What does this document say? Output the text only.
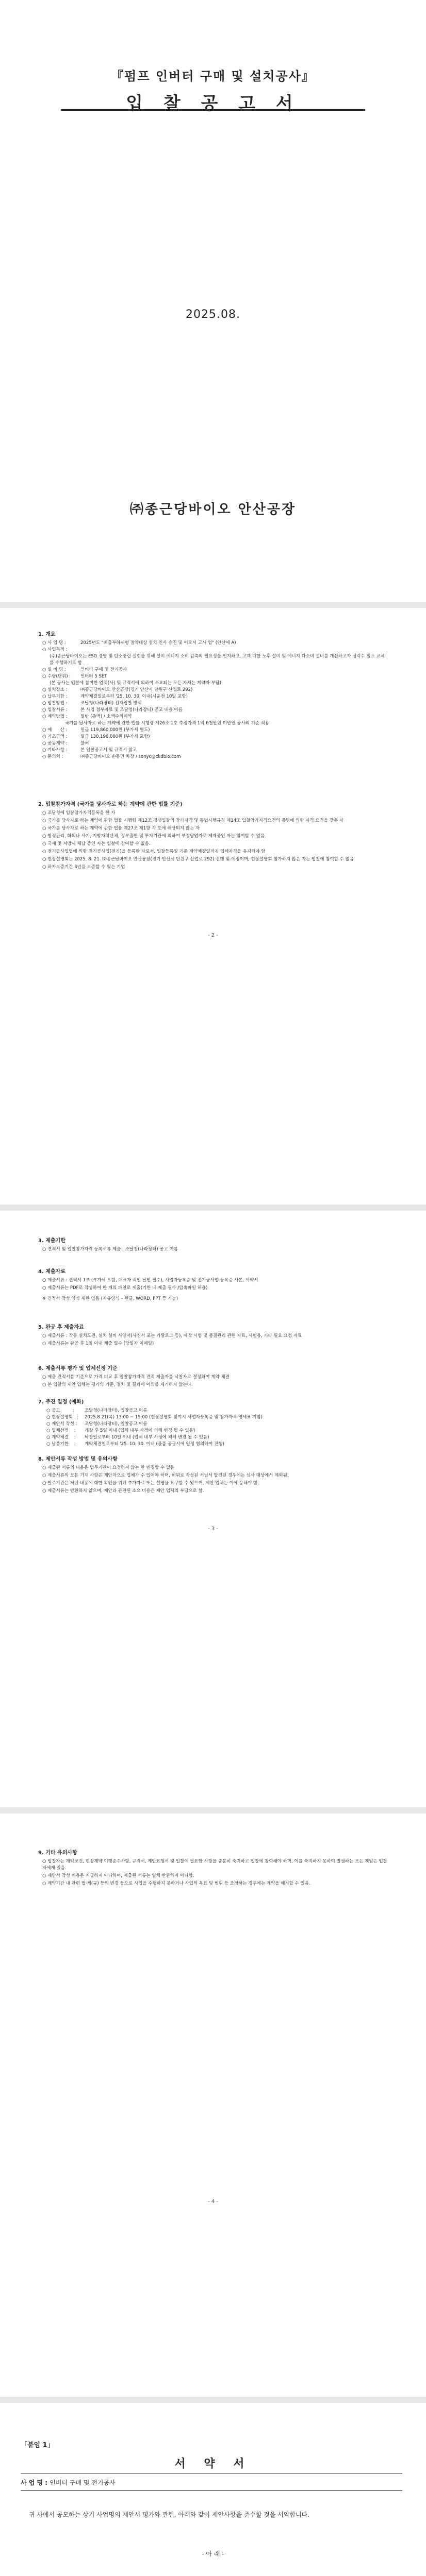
『펌프 인버터 구매 및 설치공사』
입 찰 공 고 서
2025.08.
㈜종근당바이오 안산공장
1. 개요
○ 사 업 명 :	2025년도 "배출부하제형 절약대상 설치 인사 승진 및 이로서 고사 업" (안산에 A)
○ 사업목적 :
(주)종근당바이오는 ESG 경영 및 탄소중립 실현을 위해 설비 에너지 소비 감축의 필요성을 인지하고, 고객 대한 노후 설비 및 에너지 다소비 설비를 개선하고자 냉각수 펌프 교체를 수행하기로 함
○ 설 비 명 :	인버터 구매 및 전기공사
○ 수량(단위) :	인버터 5 SET
(본 공사는 입찰에 참여한 업체(사) 및 규격서에 의하여 소요되는 모든 자재는 계약자 부담)
○ 설치장소 :	㈜종근당바이오 안산공장(경기 안산시 단원구 산업로 292)
○ 납부기한 :	계약체결일로부터 '25. 10. 30. 이내(시운전 10일 포함)
○ 입찰방법 :	조달청(나라장터) 전자입찰 방식
○ 입찰서류 :	본 사업 첨부자료 및 조달청(나라장터) 공고 내용 이름
○ 계약방법 :	일반 (총액) / 소액수의계약
국가를 당사자로 하는 계약에 관한 법률 시행령 제26조 1호 추정가격 1억 6천만원 미만인 공사의 기준 적용
○ 예      산 :	일금 119,860,000원 (부가세 별도)
○ 기초금액 :	일금 130,196,000원 (부가세 포함)
○ 공동계약 :	불허
○ 기타사항 :	본 입찰공고서 및 규격서 참고
○ 문의처 :	㈜종근당바이오 손동민 차장 / sonyc@ckdbio.com
2. 입찰참가자격 (국가를 당사자로 하는 계약에 관한 법률 기준)

○ 조달청에 입찰참가자격등록을 한 자

○ 국가를 당사자로 하는 계약에 관한 법률 시행령 제12조 경쟁입찰의 참가자격 및 동법시행규칙 제14조 입찰참가자격요건의 증명에 의한 자격 요건을 갖춘 자

○ 국가를 당사자로 하는 계약에 관한 법률 제27조 제1항 각 호에 해당되지 않는 자

○ 법정관리, 화의나 사기, 지방자치단체, 정부출연 및 투자기관에 의하여 부정당업자로 제재중인 자는 참여할 수 없음.

○ 국세 및 지방세 체납 중인 자는 입찰에 참여할 수 없음.

○ 전기공사업법에 의한 전기공사업(전기)을 등록한 자로서, 입찰등록일 기준 계약체결일까지 업체자격을 유지해야 함

○ 현장설명회는 2025. 8. 21. ㈜종근당바이오 안산공장(경기 안산시 단원구 산업로 292) 진행 및 예정이며, 현장설명회 참가하지 않은 자는 입찰에 참여할 수 없음

○ 하자보증기간 3년을 보증할 수 있는 기업

- 2 -
3. 제출기한

○ 견적서 및 입찰참가자격 등록서류 제출 : 조달청(나라장터) 공고 이름

4. 제출자료

○ 제출서류 : 견적서 1부 (부가세 포함, 대표자 직인 날인 필수), 사업자등록증 및 전기공사업 등록증 사본, 서약서

○ 제출서류는 PDF로 작성하여 한 개의 파일로 제출(기한 내 제출 필수 /압축파일 허용)

※ 견적서 작성 양식 제한 없음 (자유양식 – 한글, WORD, PPT 등 가능)

5. 완공 후 제출자료

○ 제출서류 : 작동 설치도면, 설치 설비 사양서(사진서 포는 카탈로그 등), 제작 시험 및 품질관리 관련 자료, 시험용, 기타 필요 요청 자료

○ 제출서류는 완공 후 1일 이내 제출 필수 (당일자 이메일)

6. 제출서류 평가 및 업체선정 기준

○ 제출 견적서를 기준으로 가격 비교 후 입찰참가자격 견적 제출자를 낙찰자로 결정하여 계약 체결

○ 본 입찰의 제안 업체는 평가의 기준, 절차 및 결과에 이의를 제기하지 않는다.

7. 주진 일정 (예화)
○ 공고         :	조달청(나라장터), 입찰공고 이름
○ 현장설명회   :	2025.8.21(목) 13:00 ~ 15:00 (현장설명회 참여시 사업자등록증 및 참가자격 명세표 지참)
○ 제안서 작성 :	조달청(나라장터), 입찰공고 이름
○ 업체선정    :	개찰 후 5일 이내 (업체 내부 사정에 의해 변경 될 수 있음)
○ 계약체결    :	낙찰일로부터 10일 이내 (업체 내부 사정에 의해 변경 될 수 있음)
○ 납품기한    :	계약체결일로부터 '25. 10. 30. 이내 (물품 공급시에 일정 협의하여 진행)
8. 제안서류 작성 방법 및 유의사항

○ 제출된 서류의 내용은 법무기관이 요청하지 않는 한 변경할 수 없음

○ 제출서류의 모든 기재 사항은 제안자으로 업체가 수 있어야 하며, 허위로 작성된 서님서 발견된 경우에는 심사 대상에서 제외됨.

○ 발주기관은 제안 내용에 대한 확인을 위해 추가자료 또는 설명을 요구할 수 있으며, 제안 업체는 이에 응해야 함.

○ 제출서류는 반환하지 않으며, 제안과 관련된 소요 비용은 제안 업체의 부담으로 함.

- 3 -
9. 기타 유의사항

○ 입찰자는 계약조건, 현장계약 이행준수사항, 규격서, 제안요청서 및 입찰에 필요한 사항을 충분히 숙지하고 입찰에 참여해야 하며, 이를 숙지하지 못하여 발생하는 모든 책임은 입찰자에게 있음.

○ 제안서 작성 비용은 지급하지 아니하며, 제출된 서류는 일체 반환하지 아니함.

○ 계약기간 내 관련 법·제(규) 등의 변경 등으로 사업을 수행하지 못하거나 사업의 목표 및 범위 등 조정하는 경우에는 계약을 해지할 수 있음.

- 4 -
「붙임 1」
서 약 서
사 업 명 : 인버터 구매 및 전기공사
귀 사에서 공모하는 상기 사업명의 제안서 평가와 관련, 아래와 같이 제안사항을 준수할 것을 서약합니다.
- 아 래 -
